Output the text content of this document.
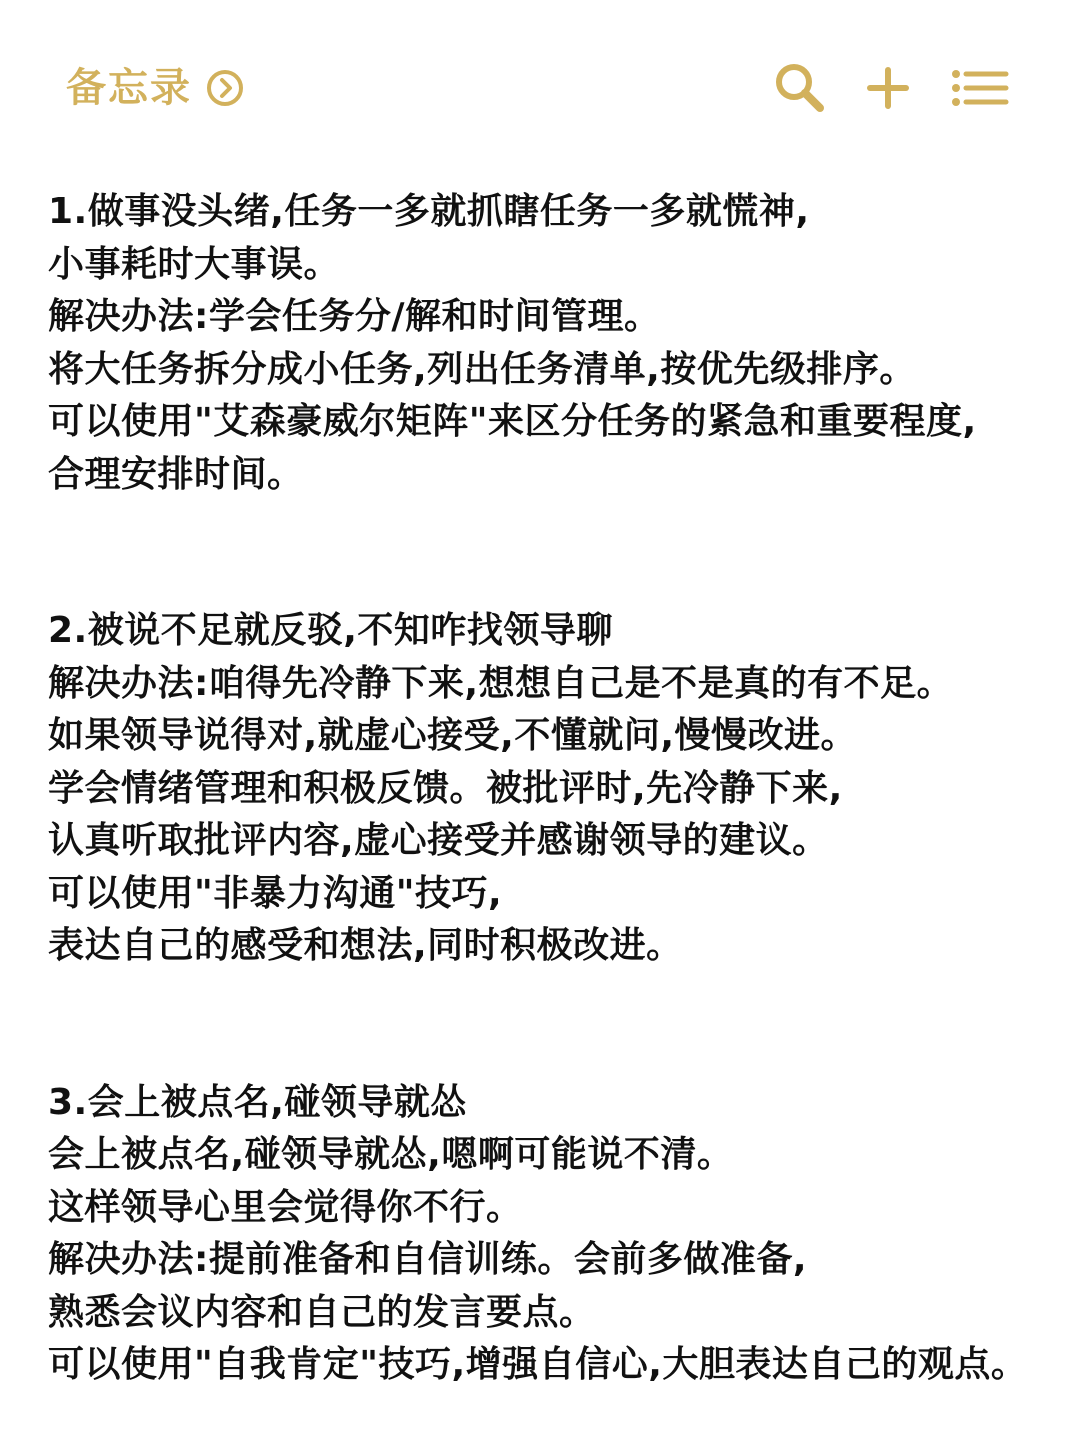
备忘录
1.做事没头绪,任务一多就抓瞎任务一多就慌神,
小事耗时大事误。
解决办法:学会任务分/解和时间管理。
将大任务拆分成小任务,列出任务清单,按优先级排序。
可以使用"艾森豪威尔矩阵"来区分任务的紧急和重要程度,
合理安排时间。
2.被说不足就反驳,不知咋找领导聊
解决办法:咱得先冷静下来,想想自己是不是真的有不足。
如果领导说得对,就虚心接受,不懂就问,慢慢改进。
学会情绪管理和积极反馈。被批评时,先冷静下来,
认真听取批评内容,虚心接受并感谢领导的建议。
可以使用"非暴力沟通"技巧,
表达自己的感受和想法,同时积极改进。
3.会上被点名,碰领导就怂
会上被点名,碰领导就怂,嗯啊可能说不清。
这样领导心里会觉得你不行。
解决办法:提前准备和自信训练。会前多做准备,
熟悉会议内容和自己的发言要点。
可以使用"自我肯定"技巧,增强自信心,大胆表达自己的观点。
